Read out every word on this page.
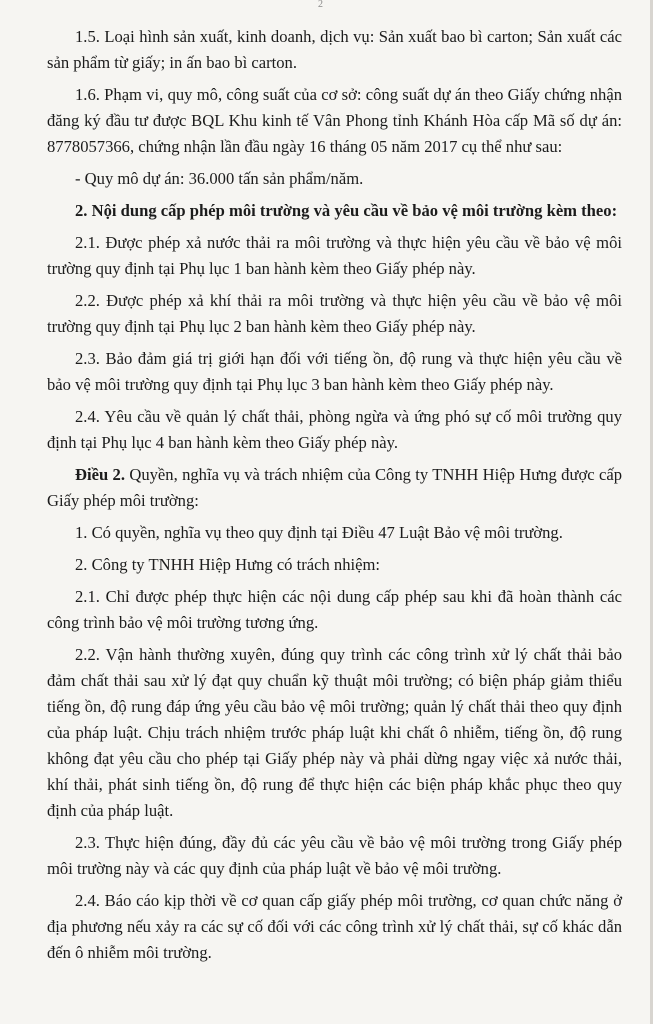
2

1.5. Loại hình sản xuất, kinh doanh, dịch vụ: Sản xuất bao bì carton; Sản xuất các sản phẩm từ giấy; in ấn bao bì carton.

1.6. Phạm vi, quy mô, công suất của cơ sở: công suất dự án theo Giấy chứng nhận đăng ký đầu tư được BQL Khu kinh tế Vân Phong tỉnh Khánh Hòa cấp Mã số dự án: 8778057366, chứng nhận lần đầu ngày 16 tháng 05 năm 2017 cụ thể như sau:

- Quy mô dự án: 36.000 tấn sản phẩm/năm.

2. Nội dung cấp phép môi trường và yêu cầu về bảo vệ môi trường kèm theo:

2.1. Được phép xả nước thải ra môi trường và thực hiện yêu cầu về bảo vệ môi trường quy định tại Phụ lục 1 ban hành kèm theo Giấy phép này.

2.2. Được phép xả khí thải ra môi trường và thực hiện yêu cầu về bảo vệ môi trường quy định tại Phụ lục 2 ban hành kèm theo Giấy phép này.

2.3. Bảo đảm giá trị giới hạn đối với tiếng ồn, độ rung và thực hiện yêu cầu về bảo vệ môi trường quy định tại Phụ lục 3 ban hành kèm theo Giấy phép này.

2.4. Yêu cầu về quản lý chất thải, phòng ngừa và ứng phó sự cố môi trường quy định tại Phụ lục 4 ban hành kèm theo Giấy phép này.

Điều 2. Quyền, nghĩa vụ và trách nhiệm của Công ty TNHH Hiệp Hưng được cấp Giấy phép môi trường:

1. Có quyền, nghĩa vụ theo quy định tại Điều 47 Luật Bảo vệ môi trường.

2. Công ty TNHH Hiệp Hưng có trách nhiệm:

2.1. Chỉ được phép thực hiện các nội dung cấp phép sau khi đã hoàn thành các công trình bảo vệ môi trường tương ứng.

2.2. Vận hành thường xuyên, đúng quy trình các công trình xử lý chất thải bảo đảm chất thải sau xử lý đạt quy chuẩn kỹ thuật môi trường; có biện pháp giảm thiểu tiếng ồn, độ rung đáp ứng yêu cầu bảo vệ môi trường; quản lý chất thải theo quy định của pháp luật. Chịu trách nhiệm trước pháp luật khi chất ô nhiễm, tiếng ồn, độ rung không đạt yêu cầu cho phép tại Giấy phép này và phải dừng ngay việc xả nước thải, khí thải, phát sinh tiếng ồn, độ rung để thực hiện các biện pháp khắc phục theo quy định của pháp luật.

2.3. Thực hiện đúng, đầy đủ các yêu cầu về bảo vệ môi trường trong Giấy phép môi trường này và các quy định của pháp luật về bảo vệ môi trường.

2.4. Báo cáo kịp thời về cơ quan cấp giấy phép môi trường, cơ quan chức năng ở địa phương nếu xảy ra các sự cố đối với các công trình xử lý chất thải, sự cố khác dẫn đến ô nhiễm môi trường.
